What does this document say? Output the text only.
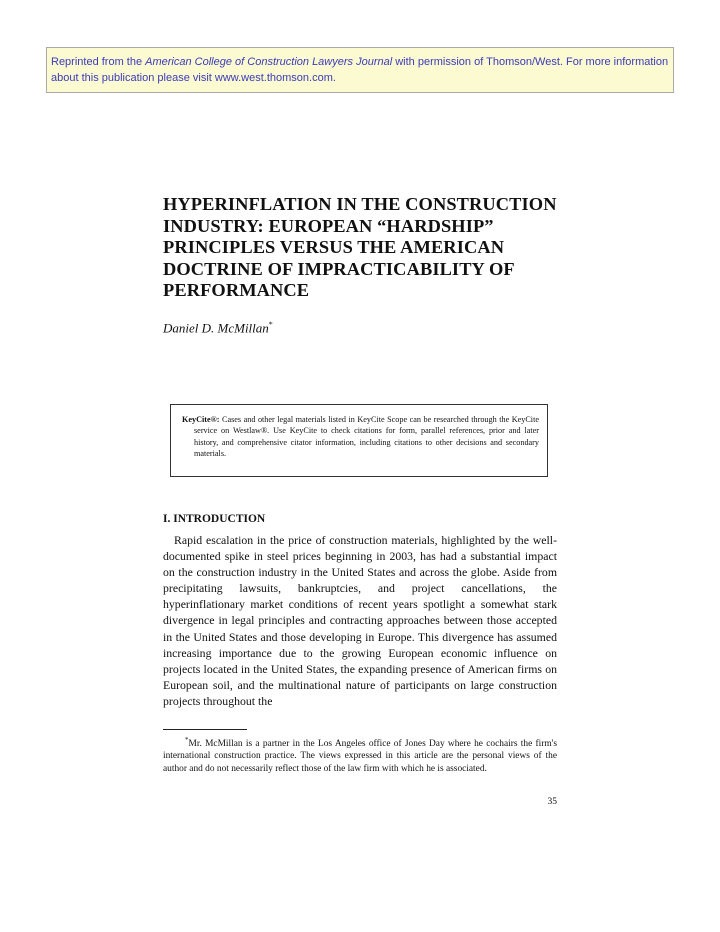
Reprinted from the American College of Construction Lawyers Journal with permission of Thomson/West. For more information about this publication please visit www.west.thomson.com.
HYPERINFLATION IN THE CONSTRUCTION INDUSTRY: EUROPEAN “HARDSHIP” PRINCIPLES VERSUS THE AMERICAN DOCTRINE OF IMPRACTICABILITY OF PERFORMANCE

Daniel D. McMillan*

KeyCite®: Cases and other legal materials listed in KeyCite Scope can be researched through the KeyCite service on Westlaw®. Use KeyCite to check citations for form, parallel references, prior and later history, and comprehensive citator information, including citations to other decisions and secondary materials.

I. INTRODUCTION

Rapid escalation in the price of construction materials, highlighted by the well-documented spike in steel prices beginning in 2003, has had a substantial impact on the construction industry in the United States and across the globe. Aside from precipitating lawsuits, bankruptcies, and project cancellations, the hyperinflationary market conditions of recent years spotlight a somewhat stark divergence in legal principles and contracting approaches between those accepted in the United States and those developing in Europe. This divergence has assumed increasing importance due to the growing European economic influence on projects located in the United States, the expanding presence of American firms on European soil, and the multinational nature of participants on large construction projects throughout the

*Mr. McMillan is a partner in the Los Angeles office of Jones Day where he cochairs the firm's international construction practice. The views expressed in this article are the personal views of the author and do not necessarily reflect those of the law firm with which he is associated.

35
